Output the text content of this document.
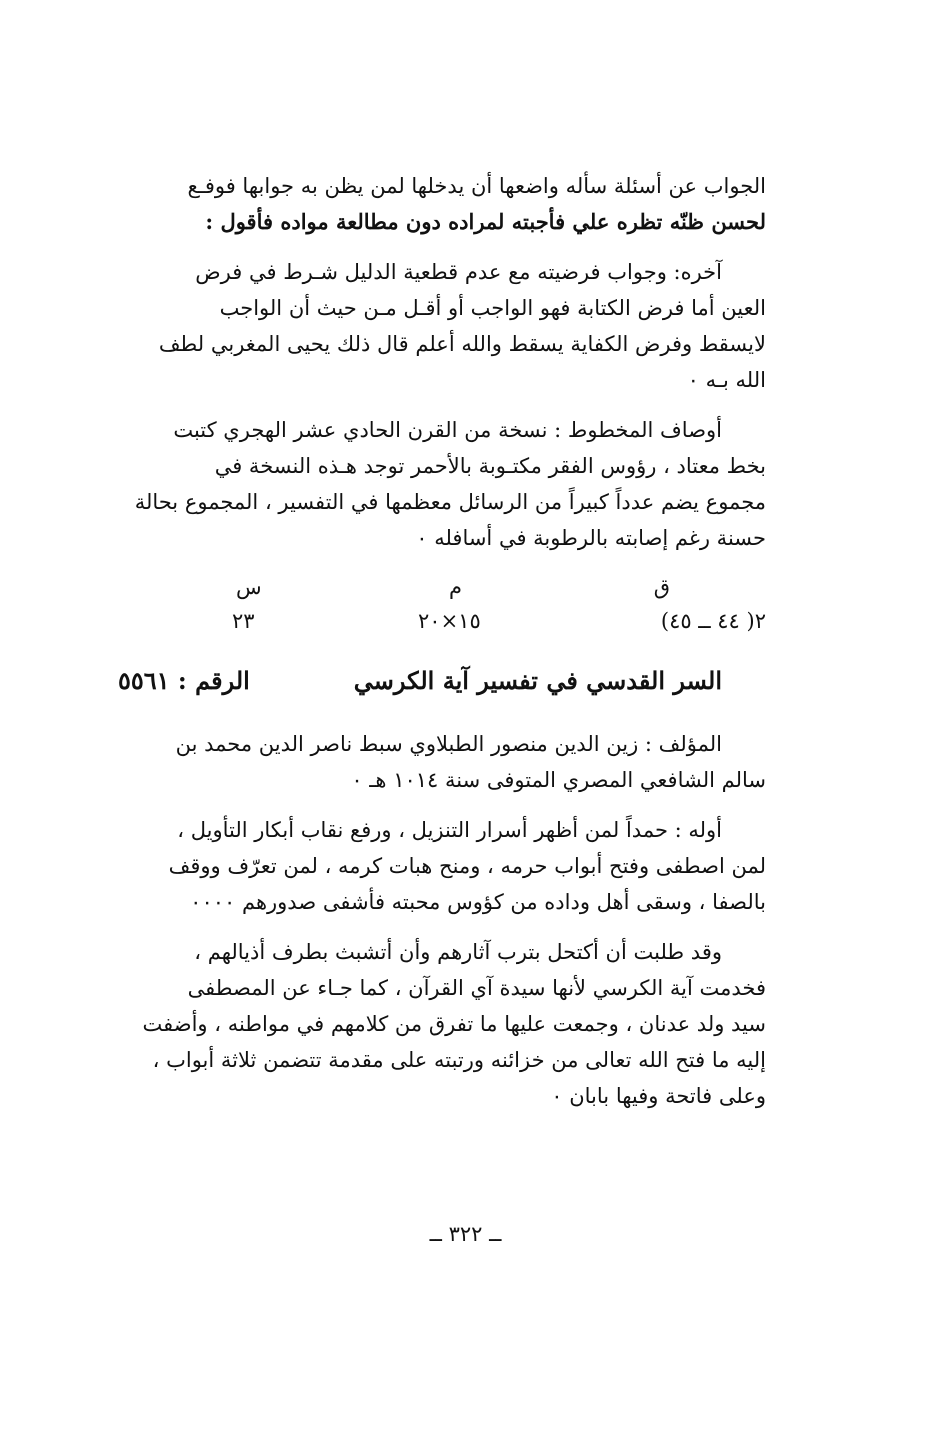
الجواب عن أسئلة سأله واضعها أن يدخلها لمن يظن به جوابها فوفـع
لحسن ظنّه تظره علي فأجبته لمراده دون مطالعة مواده فأقول :
آخره: وجواب فرضيته مع عدم قطعية الدليل شـرط في فرض
العين أما فرض الكتابة فهو الواجب أو أقـل مـن حيث أن الواجب
لايسقط وفرض الكفاية يسقط والله أعلم قال ذلك يحيى المغربي لطف
الله بـه ٠
أوصاف المخطوط : نسخة من القرن الحادي عشر الهجري كتبت
بخط معتاد ، رؤوس الفقر مكتـوبة بالأحمر توجد هـذه النسخة في
مجموع يضم عدداً كبيراً من الرسائل معظمها في التفسير ، المجموع بحالة
حسنة رغم إصابته بالرطوبة في أسافله ٠
ق
م
س
٢( ٤٤ ــ ٤٥)
١٥×٢٠
٢٣
السر القدسي في تفسير آية الكرسي
الرقم : ٥٥٦١
المؤلف : زين الدين منصور الطبلاوي سبط ناصر الدين محمد بن
سالم الشافعي المصري المتوفى سنة ١٠١٤ هـ ٠
أوله : حمداً لمن أظهر أسرار التنزيل ، ورفع نقاب أبكار التأويل ،
لمن اصطفى وفتح أبواب حرمه ، ومنح هبات كرمه ، لمن تعرّف ووقف
بالصفا ، وسقى أهل وداده من كؤوس محبته فأشفى صدورهم ٠٠٠٠
وقد طلبت أن أكتحل بترب آثارهم وأن أتشبث بطرف أذيالهم ،
فخدمت آية الكرسي لأنها سيدة آي القرآن ، كما جـاء عن المصطفى
سيد ولد عدنان ، وجمعت عليها ما تفرق من كلامهم في مواطنه ، وأضفت
إليه ما فتح الله تعالى من خزائنه ورتبته على مقدمة تتضمن ثلاثة أبواب ،
وعلى فاتحة وفيها بابان ٠
ــ ٣٢٢ ــ
